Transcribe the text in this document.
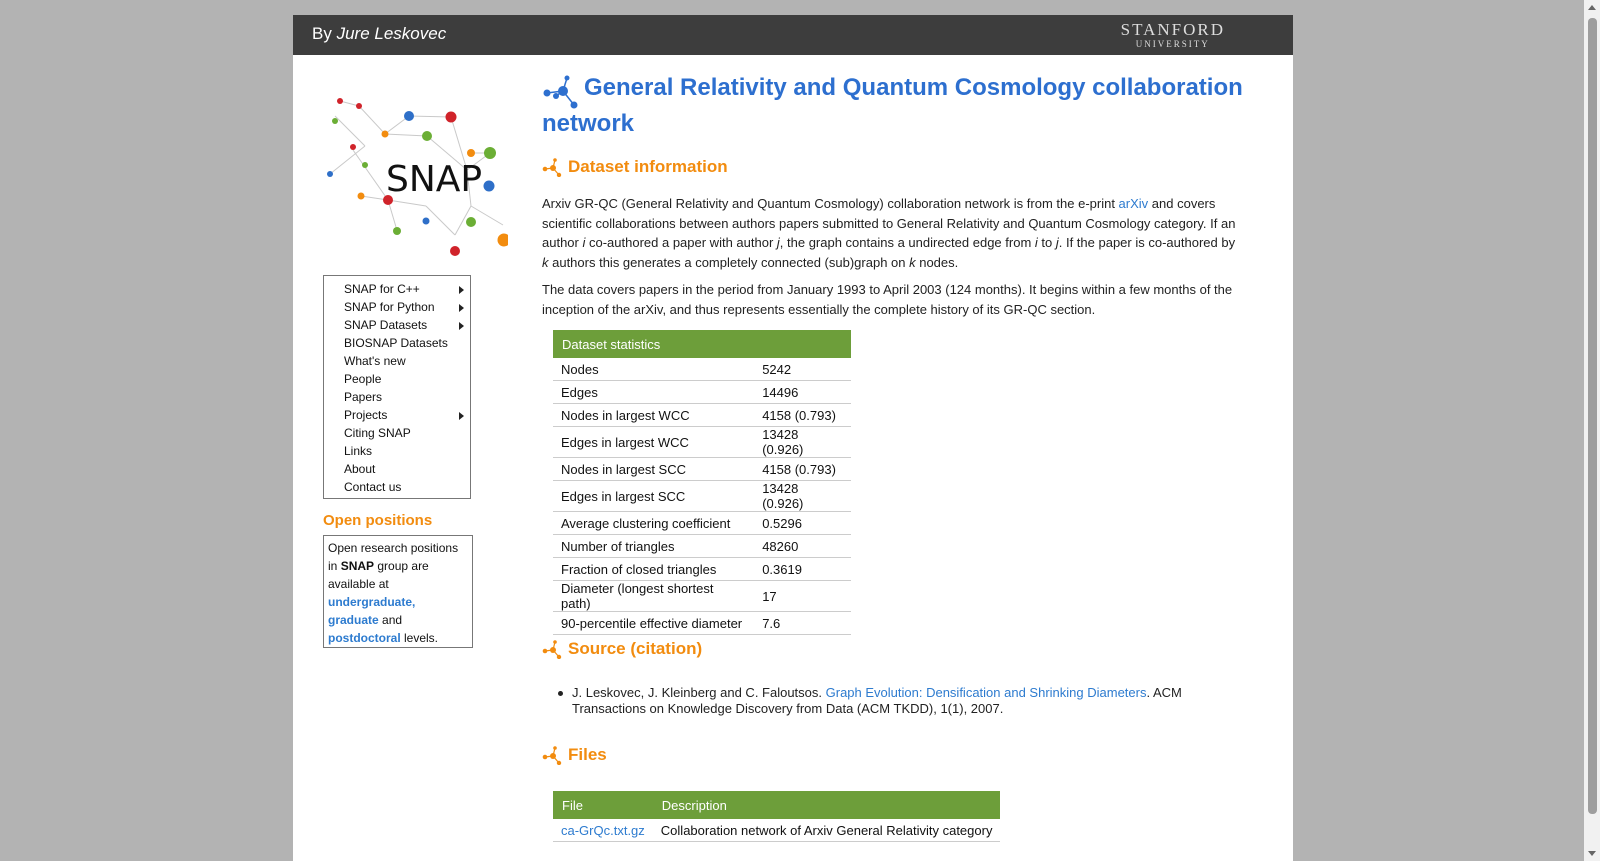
By Jure Leskovec	STANFORD
UNIVERSITY
SNAP
SNAP for C++
SNAP for Python
SNAP Datasets
BIOSNAP Datasets
What's new
People
Papers
Projects
Citing SNAP
Links
About
Contact us
Open positions
Open research positions in SNAP group are available at undergraduate,
graduate and
postdoctoral levels.
General Relativity and Quantum Cosmology collaboration
network
Dataset information
Arxiv GR-QC (General Relativity and Quantum Cosmology) collaboration network is from the e-print arXiv and covers scientific collaborations between authors papers submitted to General Relativity and Quantum Cosmology category. If an author i co-authored a paper with author j, the graph contains a undirected edge from i to j. If the paper is co-authored by k authors this generates a completely connected (sub)graph on k nodes.
The data covers papers in the period from January 1993 to April 2003 (124 months). It begins within a few months of the inception of the arXiv, and thus represents essentially the complete history of its GR-QC section.
Dataset statistics	
Nodes	5242
Edges	14496
Nodes in largest WCC	4158 (0.793)
Edges in largest WCC	13428 (0.926)
Nodes in largest SCC	4158 (0.793)
Edges in largest SCC	13428 (0.926)
Average clustering coefficient	0.5296
Number of triangles	48260
Fraction of closed triangles	0.3619
Diameter (longest shortest path)	17
90-percentile effective diameter	7.6
Source (citation)
J. Leskovec, J. Kleinberg and C. Faloutsos. Graph Evolution: Densification and Shrinking Diameters. ACM Transactions on Knowledge Discovery from Data (ACM TKDD), 1(1), 2007.
Files
File	Description
ca-GrQc.txt.gz	Collaboration network of Arxiv General Relativity category
